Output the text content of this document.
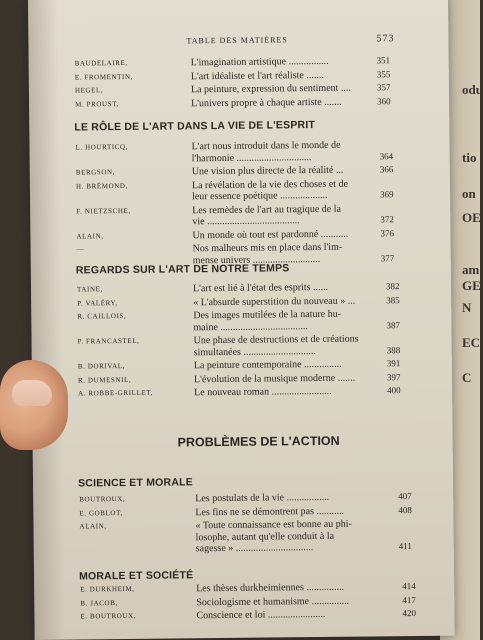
odu
tio
on
OE
am
GE
N
EC
C
TABLE DES MATIÈRES	573
BAUDELAIRE,	L'imagination artistique ................	351
E. FROMENTIN,	L'art idéaliste et l'art réaliste .......	355
HEGEL,	La peinture, expression du sentiment ....	357
M. PROUST,	L'univers propre à chaque artiste .......	360
LE RÔLE DE L'ART DANS LA VIE DE L'ESPRIT
L. HOURTICQ,	L'art nous introduit dans le monde de
l'harmonie ..............................	364
BERGSON,	Une vision plus directe de la réalité ...	366
H. BRÉMOND,	La révélation de la vie des choses et de
leur essence poétique ...................	369
F. NIETZSCHE,	Les remèdes de l'art au tragique de la
vie .....................................	372
ALAIN,	Un monde où tout est pardonné ...........	376
—	Nos malheurs mis en place dans l'im-
mense univers ...........................	377
REGARDS SUR L'ART DE NOTRE TEMPS
TAINE,	L'art est lié à l'état des esprits ......	382
P. VALÉRY,	« L'absurde superstition du nouveau » ...	385
R. CAILLOIS,	Des images mutilées de la nature hu-
maine ...................................	387
P. FRANCASTEL,	Une phase de destructions et de créations
simultanées .............................	388
B. DORIVAL,	La peinture contemporaine ...............	391
R. DUMESNIL,	L'évolution de la musique moderne .......	397
A. ROBBE-GRILLET,	Le nouveau roman ........................	400
PROBLÈMES DE L'ACTION
SCIENCE ET MORALE
BOUTROUX,	Les postulats de la vie .................	407
E. GOBLOT,	Les fins ne se démontrent pas ...........	408
ALAIN,	« Toute connaissance est bonne au phi-
losophe, autant qu'elle conduit à la
sagesse » ...............................	411
MORALE ET SOCIÉTÉ
E. DURKHEIM,	Les thèses durkheimiennes ...............	414
B. JACOB,	Sociologisme et humanisme ...............	417
E. BOUTROUX,	Conscience et loi .......................	420
